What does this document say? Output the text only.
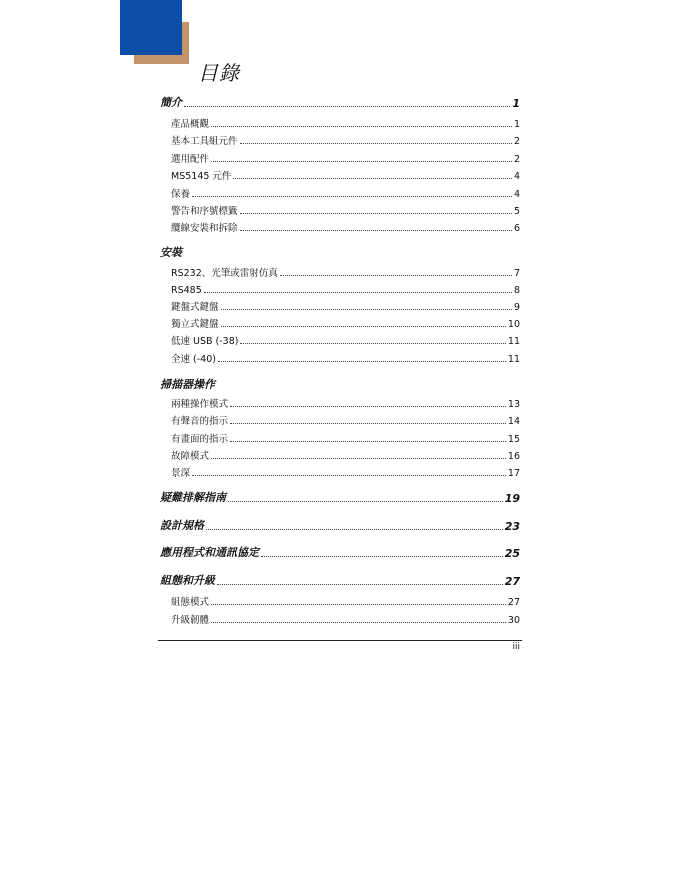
目錄
簡介	1
產品概觀	1
基本工具組元件	2
選用配件	2
MS5145 元件	4
保養	4
警告和序號標籤	5
纜線安裝和拆除	6
安裝
RS232、光筆或雷射仿真	7
RS485	8
鍵盤式鍵盤	9
獨立式鍵盤	10
低速 USB (-38)	11
全速 (-40)	11
掃描器操作
兩種操作模式	13
有聲音的指示	14
有畫面的指示	15
故障模式	16
景深	17
疑難排解指南	19
設計規格	23
應用程式和通訊協定	25
組態和升級	27
組態模式	27
升級韌體	30
iii
